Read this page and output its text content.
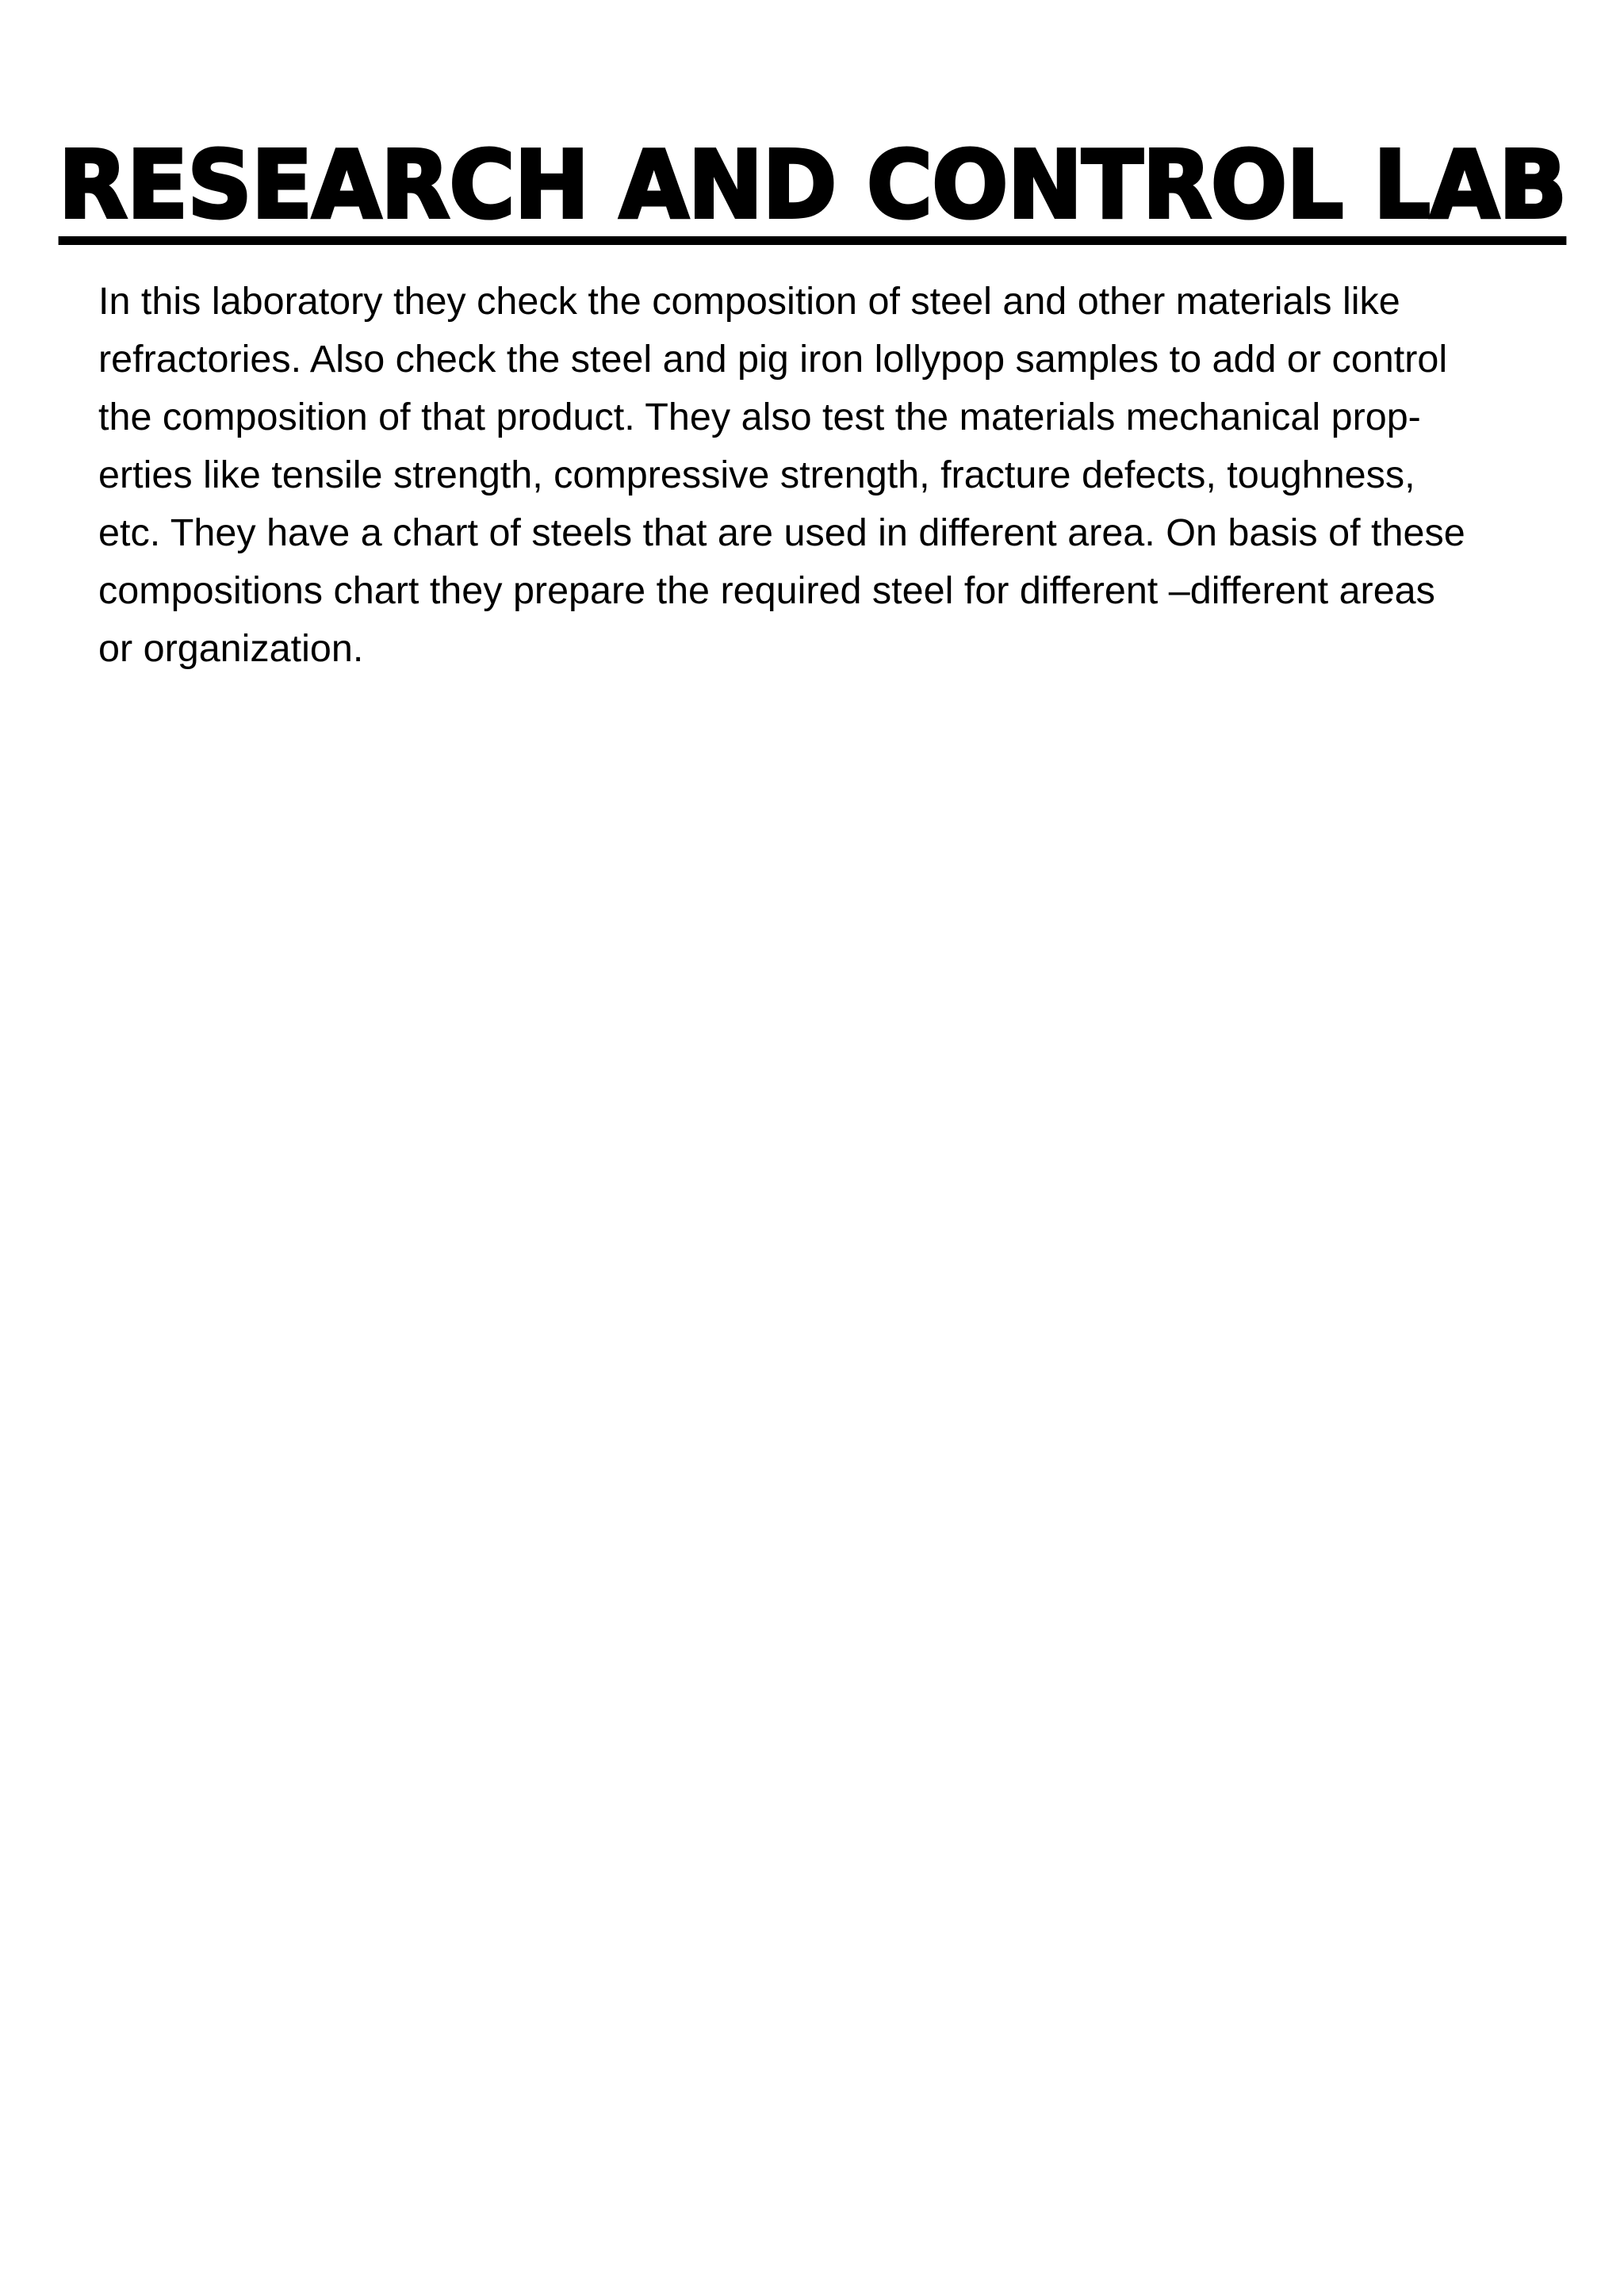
RESEARCH AND CONTROL LAB

In this laboratory they check the composition of steel and other materials like
refractories. Also check the steel and pig iron lollypop samples to add or control
the composition of that product. They also test the materials mechanical prop-
erties like tensile strength, compressive strength, fracture defects, toughness,
etc. They have a chart of steels that are used in different area. On basis of these
compositions chart they prepare the required steel for different –different areas
or organization.
